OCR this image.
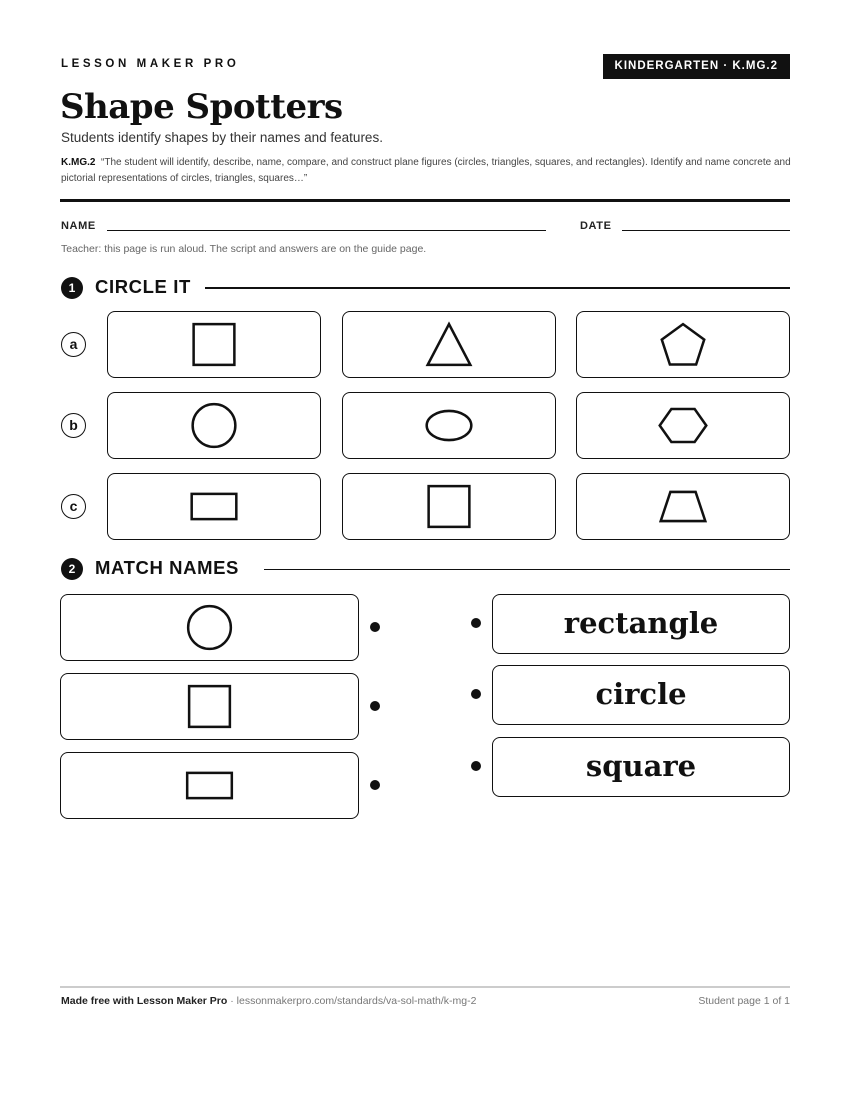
LESSON MAKER PRO	KINDERGARTEN · K.MG.2
Shape Spotters
Students identify shapes by their names and features.
K.MG.2 “The student will identify, describe, name, compare, and construct plane figures (circles, triangles, squares, and rectangles). Identify and name concrete and pictorial representations of circles, triangles, squares…”
NAME	DATE
Teacher: this page is run aloud. The script and answers are on the guide page.
1	CIRCLE IT
a
b
c
2	MATCH NAMES
rectangle
circle
square
Made free with Lesson Maker Pro · lessonmakerpro.com/standards/va-sol-math/k-mg-2	Student page 1 of 1
